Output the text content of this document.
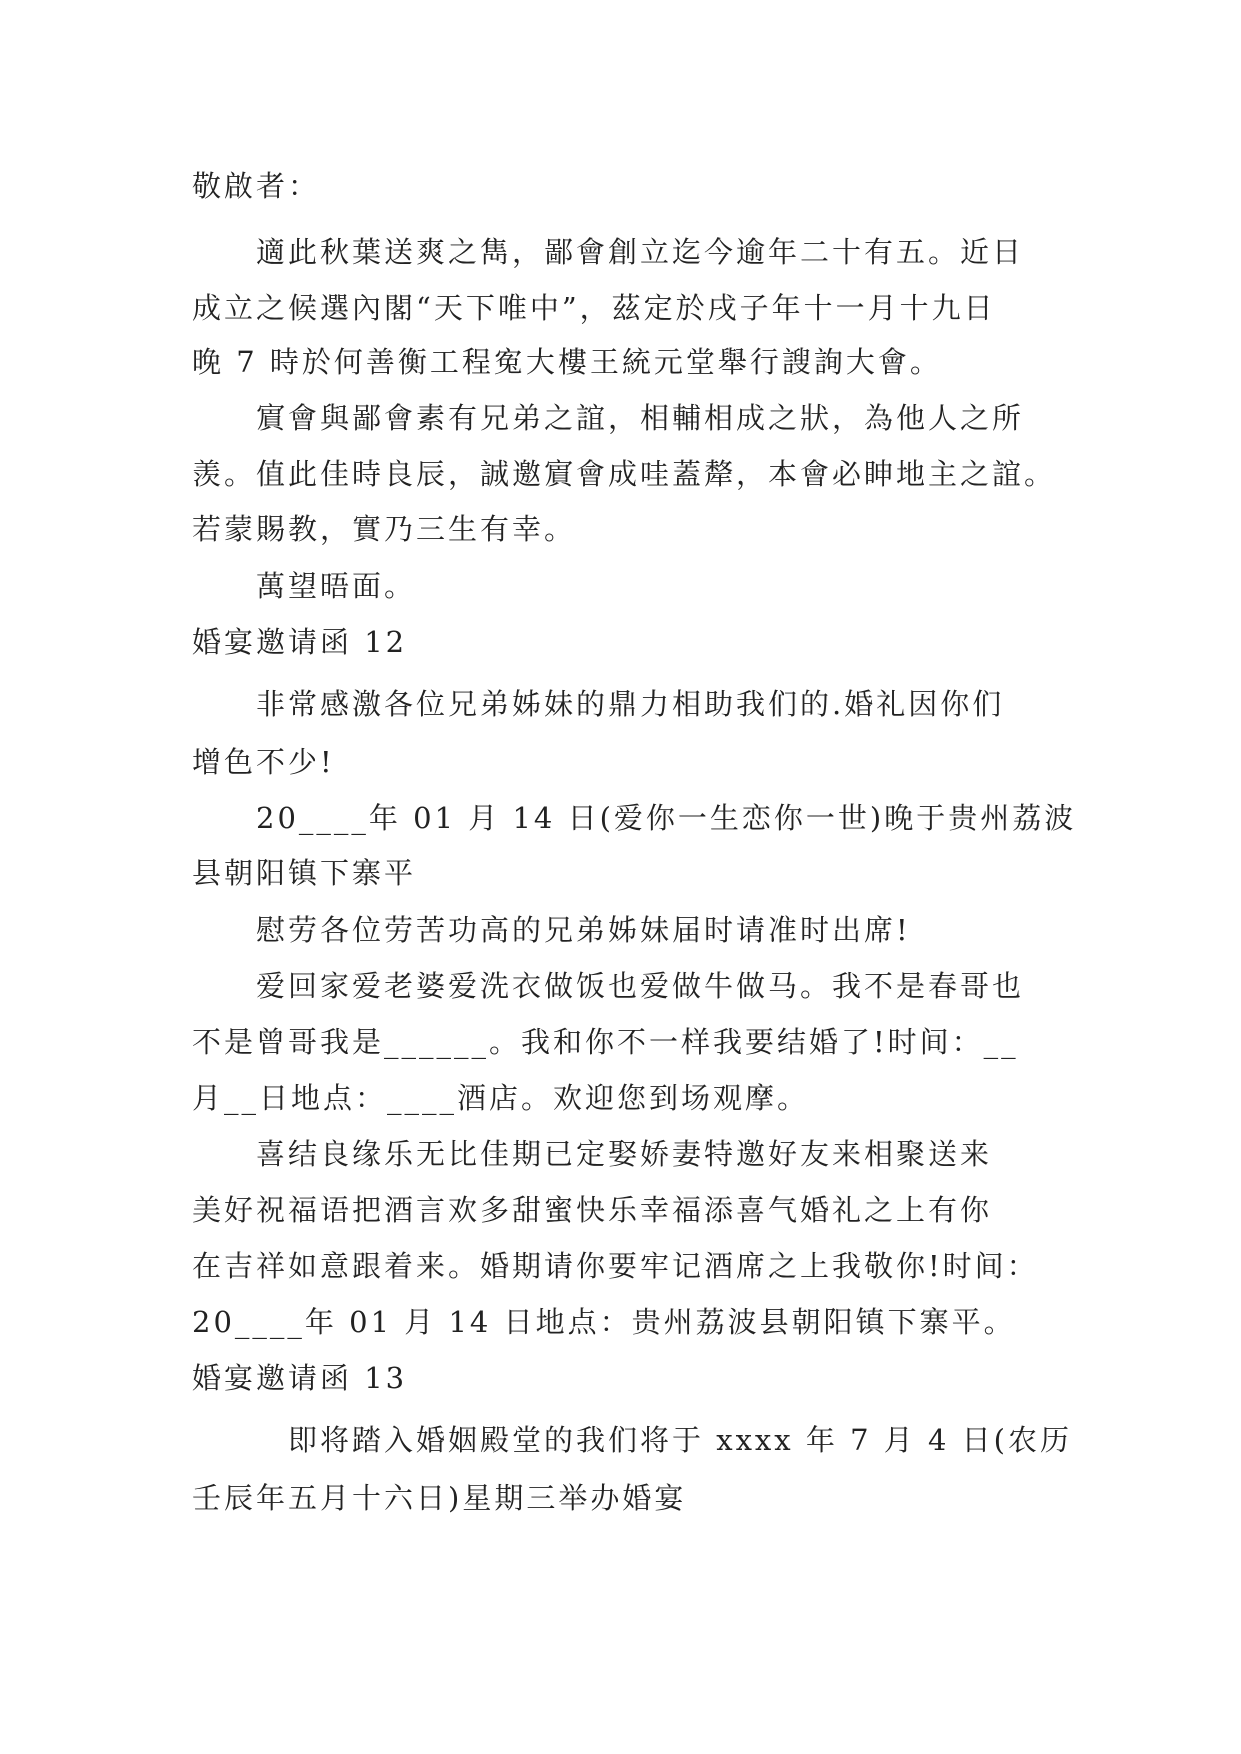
敬啟者：

適此秋葉送爽之雋，鄙會創立迄今逾年二十有五。近日

成立之候選內閣“天下唯中”，茲定於戌子年十一月十九日

晚 7 時於何善衡工程寃大樓王統元堂舉行謏詢大會。

賔會與鄙會素有兄弟之誼，相輔相成之狀，為他人之所

羡。值此佳時良辰，誠邀賔會成哇蓋犛，本會必眒地主之誼。

若蒙賜教，實乃三生有幸。

萬望晤面。

婚宴邀请函 12

非常感激各位兄弟姊妹的鼎力相助我们的.婚礼因你们

增色不少!

20____年 01 月 14 日(爱你一生恋你一世)晚于贵州荔波

县朝阳镇下寨平

慰劳各位劳苦功高的兄弟姊妹届时请准时出席!

爱回家爱老婆爱洗衣做饭也爱做牛做马。我不是春哥也

不是曾哥我是______。我和你不一样我要结婚了!时间：__

月__日地点：____酒店。欢迎您到场观摩。

喜结良缘乐无比佳期已定娶娇妻特邀好友来相聚送来

美好祝福语把酒言欢多甜蜜快乐幸福添喜气婚礼之上有你

在吉祥如意跟着来。婚期请你要牢记酒席之上我敬你!时间：

20____年 01 月 14 日地点：贵州荔波县朝阳镇下寨平。

婚宴邀请函 13

即将踏入婚姻殿堂的我们将于 xxxx 年 7 月 4 日(农历

壬辰年五月十六日)星期三举办婚宴
